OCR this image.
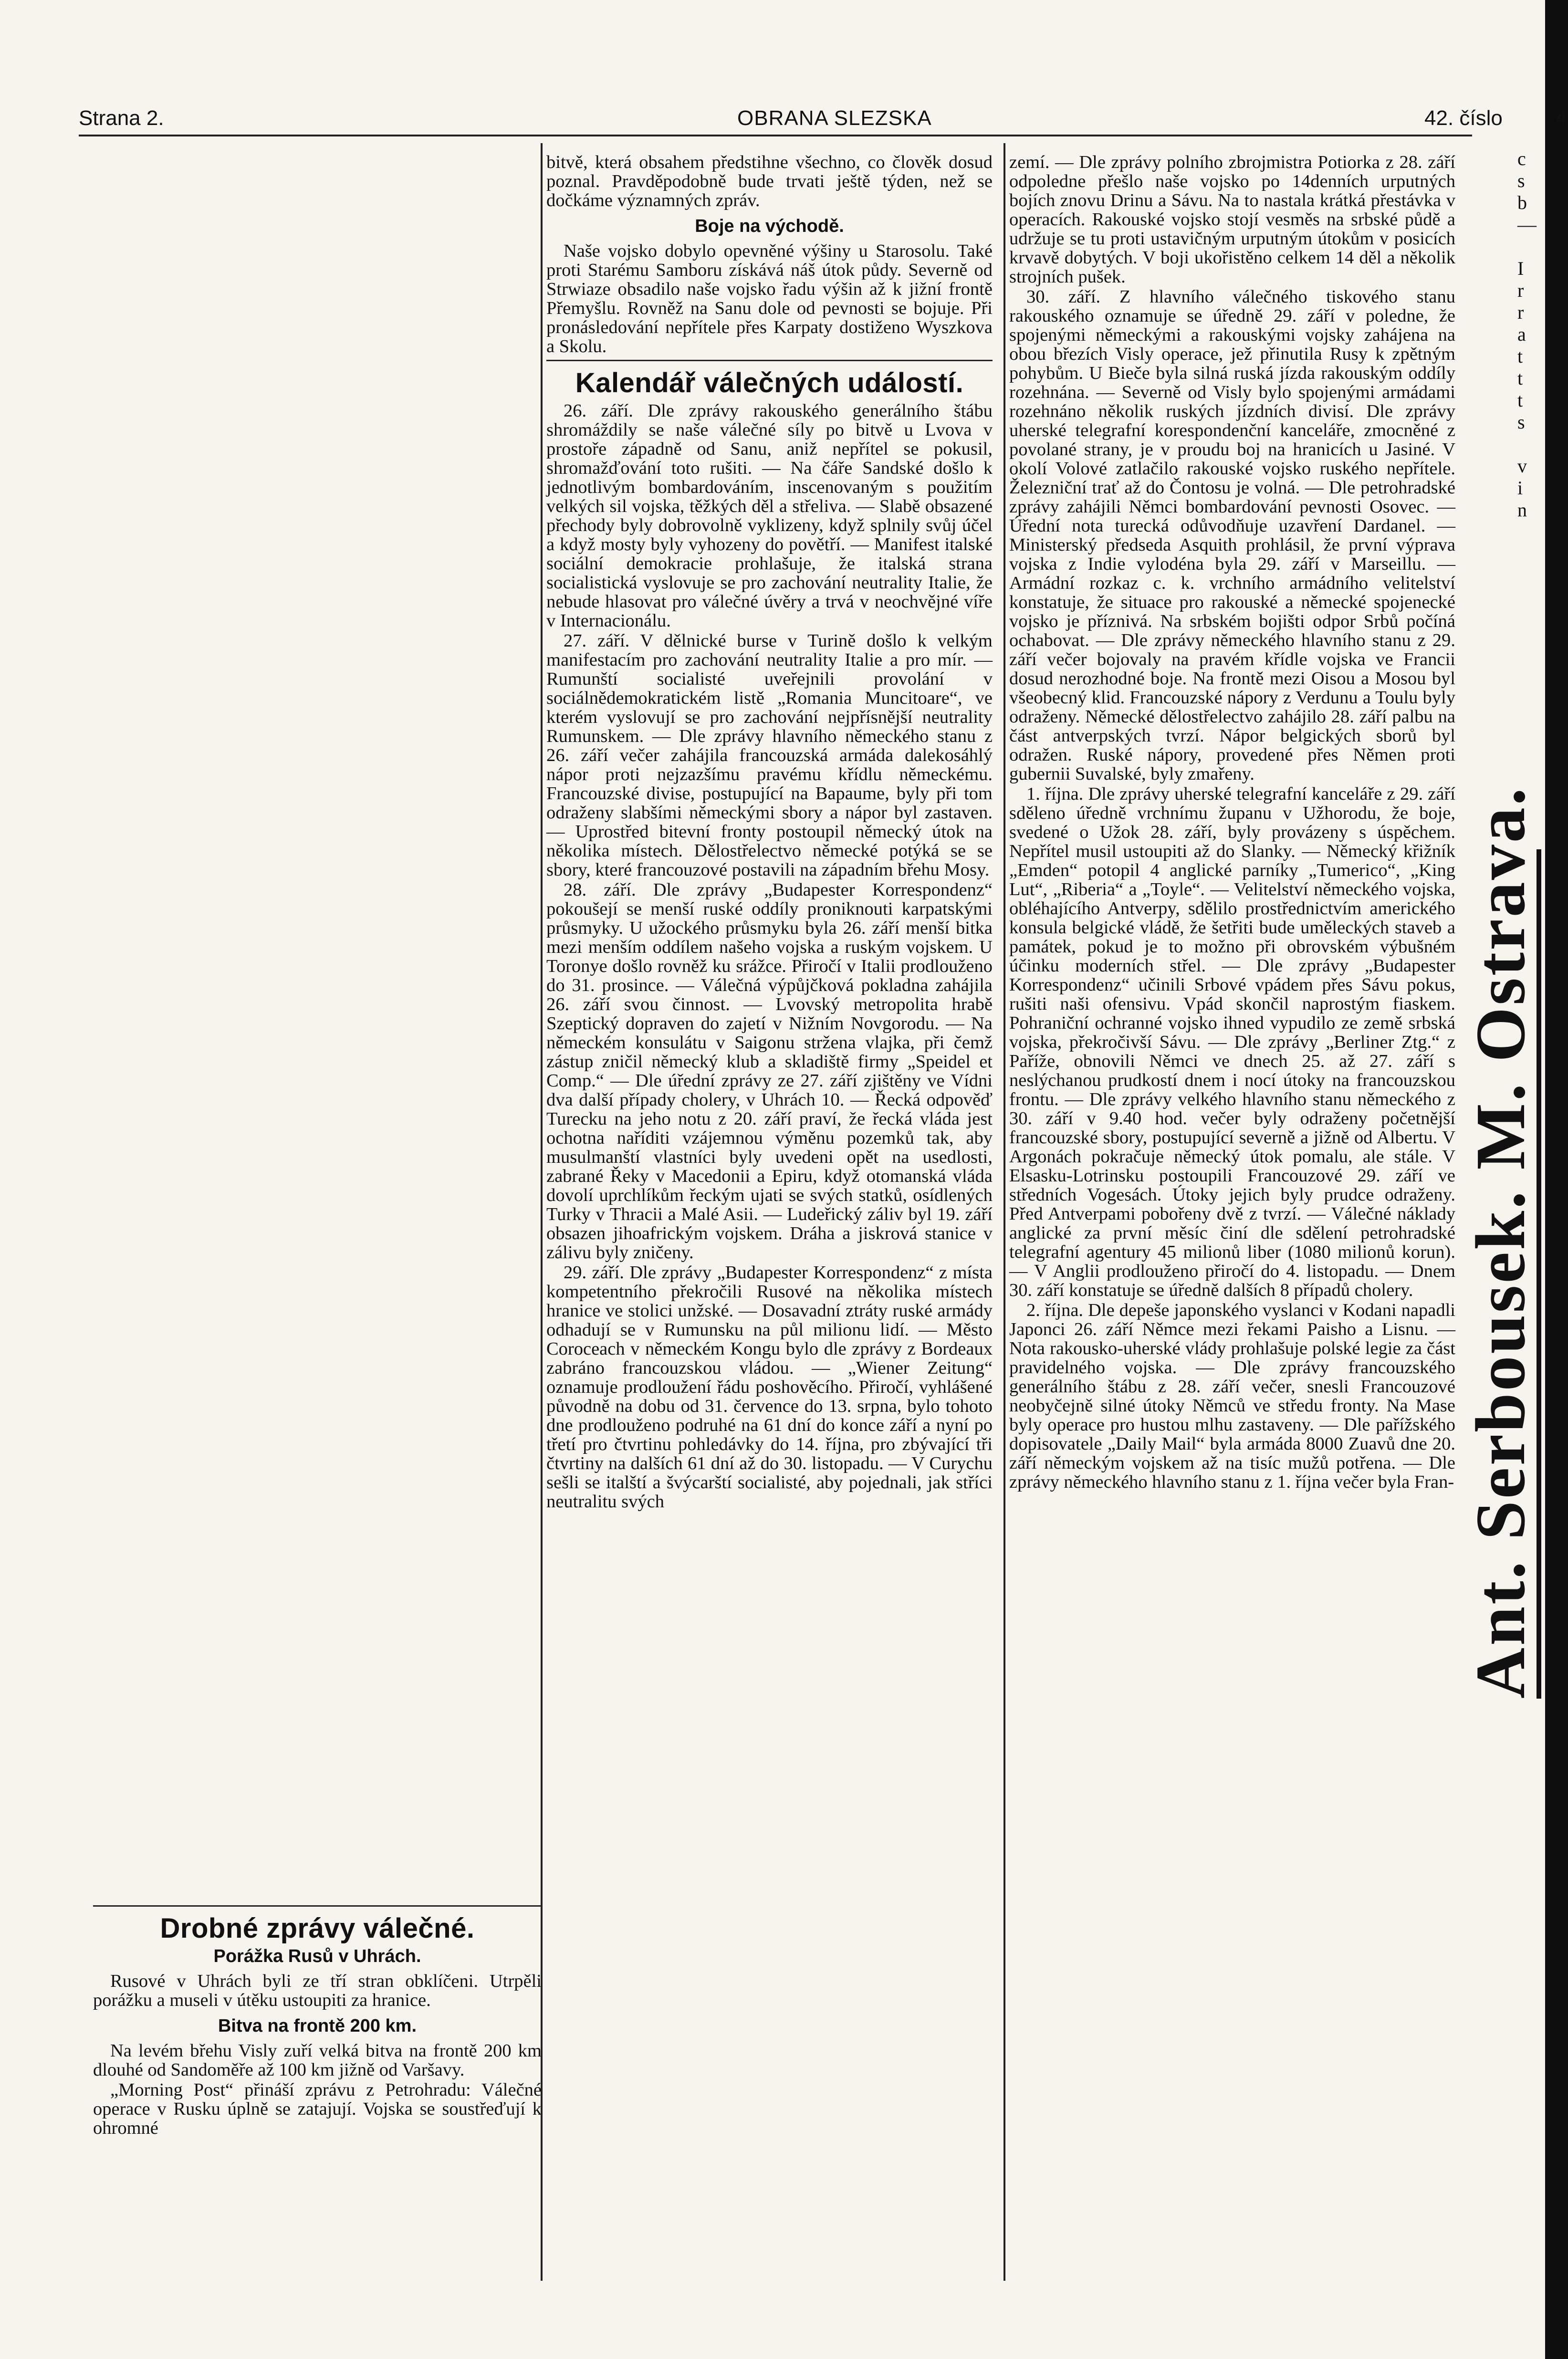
Strana 2.	OBRANA SLEZSKA	42. číslo	4
Drobné zprávy válečné.
Porážka Rusů v Uhrách.

Rusové v Uhrách byli ze tří stran obklíčeni. Utrpěli porážku a museli v útěku ustoupiti za hranice.

Bitva na frontě 200 km.

Na levém břehu Visly zuří velká bitva na frontě 200 km dlouhé od Sandoměře až 100 km jižně od Varšavy.

„Morning Post“ přináší zprávu z Petrohradu: Válečné operace v Rusku úplně se zatajují. Vojska se soustřeďují k ohromné

bitvě, která obsahem předstihne všechno, co člověk dosud poznal. Pravděpodobně bude trvati ještě týden, než se dočkáme významných zpráv.

Boje na východě.

Naše vojsko dobylo opevněné výšiny u Starosolu. Také proti Starému Samboru získává náš útok půdy. Severně od Strwiaze obsadilo naše vojsko řadu výšin až k jižní frontě Přemyšlu. Rovněž na Sanu dole od pevnosti se bojuje. Při pronásledování nepřítele přes Karpaty dostiženo Wyszkova a Skolu.

Kalendář válečných událostí.

26. září. Dle zprávy rakouského generálního štábu shromáždily se naše válečné síly po bitvě u Lvova v prostoře západně od Sanu, aniž nepřítel se pokusil, shromažďování toto rušiti. — Na čáře Sandské došlo k jednotlivým bombardováním, inscenovaným s použitím velkých sil vojska, těžkých děl a střeliva. — Slabě obsazené přechody byly dobrovolně vyklizeny, když splnily svůj účel a když mosty byly vyhozeny do povětří. — Manifest italské sociální demokracie prohlašuje, že italská strana socialistická vyslovuje se pro zachování neutrality Italie, že nebude hlasovat pro válečné úvěry a trvá v neochvějné víře v Internacionálu.

27. září. V dělnické burse v Turině došlo k velkým manifestacím pro zachování neutrality Italie a pro mír. — Rumunští socialisté uveřejnili provolání v sociálnědemokratickém listě „Romania Muncitoare“, ve kterém vyslovují se pro zachování nejpřísnější neutrality Rumunskem. — Dle zprávy hlavního německého stanu z 26. září večer zahájila francouzská armáda dalekosáhlý nápor proti nejzazšímu pravému křídlu německému. Francouzské divise, postupující na Bapaume, byly při tom odraženy slabšími německými sbory a nápor byl zastaven. — Uprostřed bitevní fronty postoupil německý útok na několika místech. Dělostřelectvo německé potýká se se sbory, které francouzové postavili na západním břehu Mosy.

28. září. Dle zprávy „Budapester Korrespondenz“ pokoušejí se menší ruské oddíly proniknouti karpatskými průsmyky. U užockého průsmyku byla 26. září menší bitka mezi menším oddílem našeho vojska a ruským vojskem. U Toronye došlo rovněž ku srážce. Přiročí v Italii prodlouženo do 31. prosince. — Válečná výpůjčková pokladna zahájila 26. září svou činnost. — Lvovský metropolita hrabě Szeptický dopraven do zajetí v Nižním Novgorodu. — Na německém konsulátu v Saigonu stržena vlajka, při čemž zástup zničil německý klub a skladiště firmy „Speidel et Comp.“ — Dle úřední zprávy ze 27. září zjištěny ve Vídni dva další případy cholery, v Uhrách 10. — Řecká odpověď Turecku na jeho notu z 20. září praví, že řecká vláda jest ochotna naříditi vzájemnou výměnu pozemků tak, aby musulmanští vlastníci byly uvedeni opět na usedlosti, zabrané Řeky v Macedonii a Epiru, když otomanská vláda dovolí uprchlíkům řeckým ujati se svých statků, osídlených Turky v Thracii a Malé Asii. — Ludeřický záliv byl 19. září obsazen jihoafrickým vojskem. Dráha a jiskrová stanice v zálivu byly zničeny.

29. září. Dle zprávy „Budapester Korrespondenz“ z místa kompetentního překročili Rusové na několika místech hranice ve stolici unžské. — Dosavadní ztráty ruské armády odhadují se v Rumunsku na půl milionu lidí. — Město Coroceach v německém Kongu bylo dle zprávy z Bordeaux zabráno francouzskou vládou. — „Wiener Zeitung“ oznamuje prodloužení řádu poshověcího. Přiročí, vyhlášené původně na dobu od 31. července do 13. srpna, bylo tohoto dne prodlouženo podruhé na 61 dní do konce září a nyní po třetí pro čtvrtinu pohledávky do 14. října, pro zbývající tři čtvrtiny na dalších 61 dní až do 30. listopadu. — V Curychu sešli se italští a švýcarští socialisté, aby pojednali, jak stříci neutralitu svých

zemí. — Dle zprávy polního zbrojmistra Potiorka z 28. září odpoledne přešlo naše vojsko po 14denních urputných bojích znovu Drinu a Sávu. Na to nastala krátká přestávka v operacích. Rakouské vojsko stojí vesměs na srbské půdě a udržuje se tu proti ustavičným urputným útokům v posicích krvavě dobytých. V boji ukořistěno celkem 14 děl a několik strojních pušek.

30. září. Z hlavního válečného tiskového stanu rakouského oznamuje se úředně 29. září v poledne, že spojenými německými a rakouskými vojsky zahájena na obou březích Visly operace, jež přinutila Rusy k zpětným pohybům. U Bieče byla silná ruská jízda rakouským oddíly rozehnána. — Severně od Visly bylo spojenými armádami rozehnáno několik ruských jízdních divisí. Dle zprávy uherské telegrafní korespondenční kanceláře, zmocněné z povolané strany, je v proudu boj na hranicích u Jasiné. V okolí Volové zatlačilo rakouské vojsko ruského nepřítele. Železniční trať až do Čontosu je volná. — Dle petrohradské zprávy zahájili Němci bombardování pevnosti Osovec. — Úřední nota turecká odůvodňuje uzavření Dardanel. — Ministerský předseda Asquith prohlásil, že první výprava vojska z Indie vylodéna byla 29. září v Marseillu. — Armádní rozkaz c. k. vrchního armádního velitelství konstatuje, že situace pro rakouské a německé spojenecké vojsko je příznivá. Na srbském bojišti odpor Srbů počíná ochabovat. — Dle zprávy německého hlavního stanu z 29. září večer bojovaly na pravém křídle vojska ve Francii dosud nerozhodné boje. Na frontě mezi Oisou a Mosou byl všeobecný klid. Francouzské nápory z Verdunu a Toulu byly odraženy. Německé dělostřelectvo zahájilo 28. září palbu na část antverpských tvrzí. Nápor belgických sborů byl odražen. Ruské nápory, provedené přes Němen proti gubernii Suvalské, byly zmařeny.

1. října. Dle zprávy uherské telegrafní kanceláře z 29. září sděleno úředně vrchnímu županu v Užhorodu, že boje, svedené o Užok 28. září, byly provázeny s úspěchem. Nepřítel musil ustoupiti až do Slanky. — Německý křižník „Emden“ potopil 4 anglické parníky „Tumerico“, „King Lut“, „Riberia“ a „Toyle“. — Velitelství německého vojska, obléhajícího Antverpy, sdělilo prostřednictvím amerického konsula belgické vládě, že šetřiti bude uměleckých staveb a památek, pokud je to možno při obrovském výbušném účinku moderních střel. — Dle zprávy „Budapester Korrespondenz“ učinili Srbové vpádem přes Sávu pokus, rušiti naši ofensivu. Vpád skončil naprostým fiaskem. Pohraniční ochranné vojsko ihned vypudilo ze země srbská vojska, překročivší Sávu. — Dle zprávy „Berliner Ztg.“ z Paříže, obnovili Němci ve dnech 25. až 27. září s neslýchanou prudkostí dnem i nocí útoky na francouzskou frontu. — Dle zprávy velkého hlavního stanu německého z 30. září v 9.40 hod. večer byly odraženy početnější francouzské sbory, postupující severně a jižně od Albertu. V Argonách pokračuje německý útok pomalu, ale stále. V Elsasku-Lotrinsku postoupili Francouzové 29. září ve středních Vogesách. Útoky jejich byly prudce odraženy. Před Antverpami pobořeny dvě z tvrzí. — Válečné náklady anglické za první měsíc činí dle sdělení petrohradské telegrafní agentury 45 milionů liber (1080 milionů korun). — V Anglii prodlouženo přiročí do 4. listopadu. — Dnem 30. září konstatuje se úředně dalších 8 případů cholery.

2. října. Dle depeše japonského vyslanci v Kodani napadli Japonci 26. září Němce mezi řekami Paisho a Lisnu. — Nota rakousko-uherské vlády prohlašuje polské legie za část pravidelného vojska. — Dle zprávy francouzského generálního štábu z 28. září večer, snesli Francouzové neobyčejně silné útoky Němců ve středu fronty. Na Mase byly operace pro hustou mlhu zastaveny. — Dle pařížského dopisovatele „Daily Mail“ byla armáda 8000 Zuavů dne 20. září německým vojskem až na tisíc mužů potřena. — Dle zprávy německého hlavního stanu z 1. října večer byla Fran- Ant. Serbousek. M. Ostrava.
c
s
b
—

I
r
r
a
t
t
t
s

v
i
n
